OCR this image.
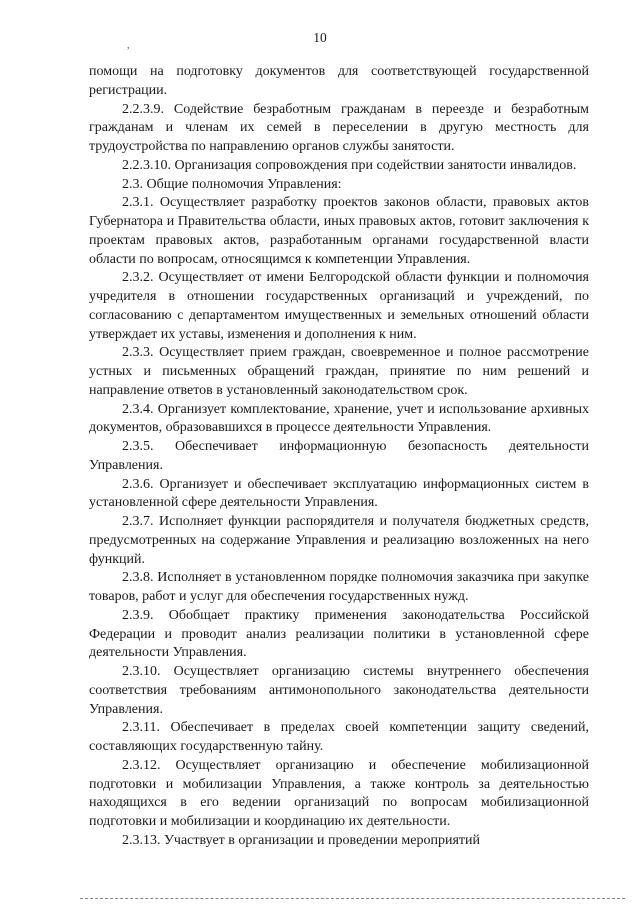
10
,

помощи на подготовку документов для соответствующей государственной регистрации.

2.2.3.9. Содействие безработным гражданам в переезде и безработным гражданам и членам их семей в переселении в другую местность для трудоустройства по направлению органов службы занятости.

2.2.3.10. Организация сопровождения при содействии занятости инвалидов.

2.3. Общие полномочия Управления:

2.3.1. Осуществляет разработку проектов законов области, правовых актов Губернатора и Правительства области, иных правовых актов, готовит заключения к проектам правовых актов, разработанным органами государственной власти области по вопросам, относящимся к компетенции Управления.

2.3.2. Осуществляет от имени Белгородской области функции и полномочия учредителя в отношении государственных организаций и учреждений, по согласованию с департаментом имущественных и земельных отношений области утверждает их уставы, изменения и дополнения к ним.

2.3.3. Осуществляет прием граждан, своевременное и полное рассмотрение устных и письменных обращений граждан, принятие по ним решений и направление ответов в установленный законодательством срок.

2.3.4. Организует комплектование, хранение, учет и использование архивных документов, образовавшихся в процессе деятельности Управления.

2.3.5. Обеспечивает информационную безопасность деятельности Управления.

2.3.6. Организует и обеспечивает эксплуатацию информационных систем в установленной сфере деятельности Управления.

2.3.7. Исполняет функции распорядителя и получателя бюджетных средств, предусмотренных на содержание Управления и реализацию возложенных на него функций.

2.3.8. Исполняет в установленном порядке полномочия заказчика при закупке товаров, работ и услуг для обеспечения государственных нужд.

2.3.9. Обобщает практику применения законодательства Российской Федерации и проводит анализ реализации политики в установленной сфере деятельности Управления.

2.3.10. Осуществляет организацию системы внутреннего обеспечения соответствия требованиям антимонопольного законодательства деятельности Управления.

2.3.11. Обеспечивает в пределах своей компетенции защиту сведений, составляющих государственную тайну.

2.3.12. Осуществляет организацию и обеспечение мобилизационной подготовки и мобилизации Управления, а также контроль за деятельностью находящихся в его ведении организаций по вопросам мобилизационной подготовки и мобилизации и координацию их деятельности.

2.3.13. Участвует в организации и проведении мероприятий
